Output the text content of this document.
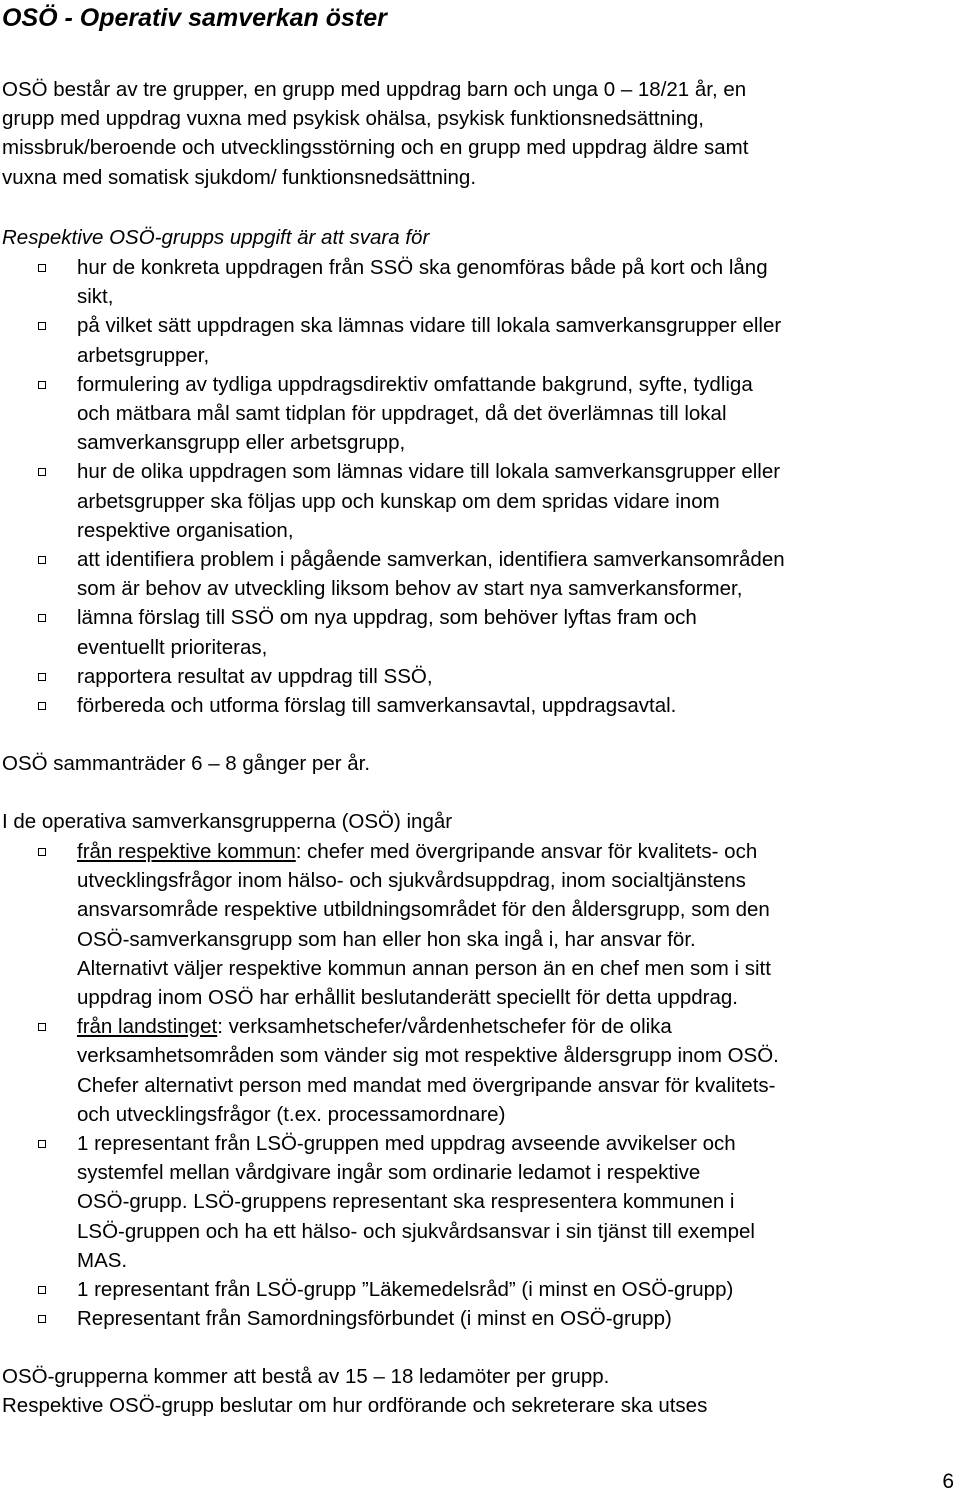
OSÖ - Operativ samverkan öster
OSÖ består av tre grupper, en grupp med uppdrag barn och unga 0 – 18/21 år, en
grupp med uppdrag vuxna med psykisk ohälsa, psykisk funktionsnedsättning,
missbruk/beroende och utvecklingsstörning och en grupp med uppdrag äldre samt
vuxna med somatisk sjukdom/ funktionsnedsättning.
Respektive OSÖ-grupps uppgift är att svara för
hur de konkreta uppdragen från SSÖ ska genomföras både på kort och lång
sikt,
på vilket sätt uppdragen ska lämnas vidare till lokala samverkansgrupper eller
arbetsgrupper,
formulering av tydliga uppdragsdirektiv omfattande bakgrund, syfte, tydliga
och mätbara mål samt tidplan för uppdraget, då det överlämnas till lokal
samverkansgrupp eller arbetsgrupp,
hur de olika uppdragen som lämnas vidare till lokala samverkansgrupper eller
arbetsgrupper ska följas upp och kunskap om dem spridas vidare inom
respektive organisation,
att identifiera problem i pågående samverkan, identifiera samverkansområden
som är behov av utveckling liksom behov av start nya samverkansformer,
lämna förslag till SSÖ om nya uppdrag, som behöver lyftas fram och
eventuellt prioriteras,
rapportera resultat av uppdrag till SSÖ,
förbereda och utforma förslag till samverkansavtal, uppdragsavtal.
OSÖ sammanträder 6 – 8 gånger per år.
I de operativa samverkansgrupperna (OSÖ) ingår
från respektive kommun: chefer med övergripande ansvar för kvalitets- och
utvecklingsfrågor inom hälso- och sjukvårdsuppdrag, inom socialtjänstens
ansvarsområde respektive utbildningsområdet för den åldersgrupp, som den
OSÖ-samverkansgrupp som han eller hon ska ingå i, har ansvar för.
Alternativt väljer respektive kommun annan person än en chef men som i sitt
uppdrag inom OSÖ har erhållit beslutanderätt speciellt för detta uppdrag.
från landstinget: verksamhetschefer/vårdenhetschefer för de olika
verksamhetsområden som vänder sig mot respektive åldersgrupp inom OSÖ.
Chefer alternativt person med mandat med övergripande ansvar för kvalitets-
och utvecklingsfrågor (t.ex. processamordnare)
1 representant från LSÖ-gruppen med uppdrag avseende avvikelser och
systemfel mellan vårdgivare ingår som ordinarie ledamot i respektive
OSÖ-grupp. LSÖ-gruppens representant ska respresentera kommunen i
LSÖ-gruppen och ha ett hälso- och sjukvårdsansvar i sin tjänst till exempel
MAS.
1 representant från LSÖ-grupp ”Läkemedelsråd” (i minst en OSÖ-grupp)
Representant från Samordningsförbundet (i minst en OSÖ-grupp)
OSÖ-grupperna kommer att bestå av 15 – 18 ledamöter per grupp.
Respektive OSÖ-grupp beslutar om hur ordförande och sekreterare ska utses
6
